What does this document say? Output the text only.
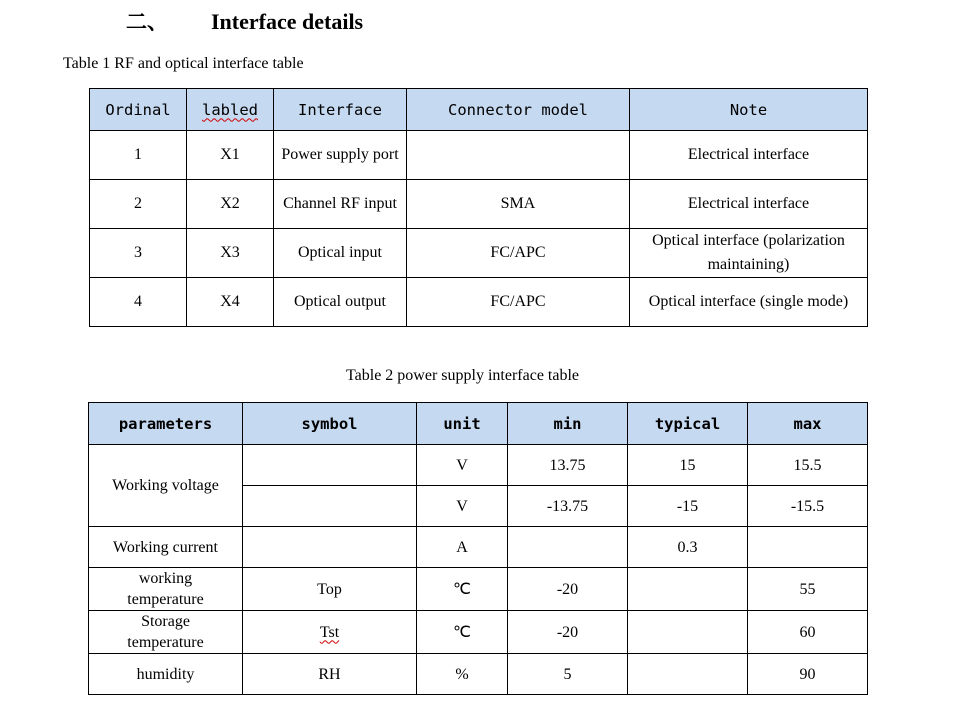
二、 Interface details
Table 1 RF and optical interface table
Ordinal	labled	Interface	Connector model	Note
1	X1	Power supply port		Electrical interface
2	X2	Channel RF input	SMA	Electrical interface
3	X3	Optical input	FC/APC	Optical interface (polarization maintaining)
4	X4	Optical output	FC/APC	Optical interface (single mode)
Table 2 power supply interface table
parameters	symbol	unit	min	typical	max
Working voltage		V	13.75	15	15.5
		V	-13.75	-15	-15.5
Working current		A		0.3	
working temperature	Top	℃	-20		55
Storage temperature	Tst	℃	-20		60
humidity	RH	%	5		90
